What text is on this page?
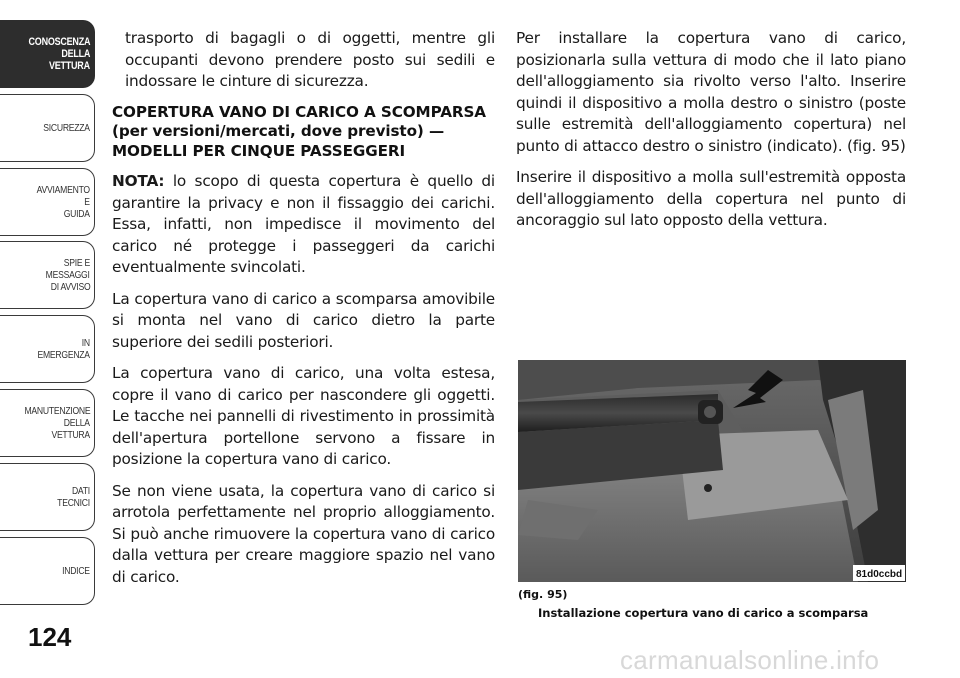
CONOSCENZA
DELLA
VETTURA
SICUREZZA
AVVIAMENTO
E
GUIDA
SPIE E
MESSAGGI
DI AVVISO
IN
EMERGENZA
MANUTENZIONE
DELLA
VETTURA
DATI
TECNICI
INDICE
124

trasporto di bagagli o di oggetti, mentre gli occupanti devono prendere posto sui sedili e indossare le cinture di sicurezza.

COPERTURA VANO DI CARICO A SCOMPARSA (per versioni/mercati, dove previsto) — MODELLI PER CINQUE PASSEGGERI

NOTA: lo scopo di questa copertura è quello di garantire la privacy e non il fissaggio dei carichi. Essa, infatti, non impedisce il movimento del carico né protegge i passeggeri da carichi eventualmente svincolati.

La copertura vano di carico a scomparsa amovibile si monta nel vano di carico dietro la parte superiore dei sedili posteriori.

La copertura vano di carico, una volta estesa, copre il vano di carico per nascondere gli oggetti. Le tacche nei pannelli di rivestimento in prossimità dell'apertura portellone servono a fissare in posizione la copertura vano di carico.

Se non viene usata, la copertura vano di carico si arrotola perfettamente nel proprio alloggiamento. Si può anche rimuovere la copertura vano di carico dalla vettura per creare maggiore spazio nel vano di carico.

Per installare la copertura vano di carico, posizionarla sulla vettura di modo che il lato piano dell'alloggiamento sia rivolto verso l'alto. Inserire quindi il dispositivo a molla destro o sinistro (poste sulle estremità dell'alloggiamento copertura) nel punto di attacco destro o sinistro (indicato). (fig. 95)

Inserire il dispositivo a molla sull'estremità opposta dell'alloggiamento della copertura nel punto di ancoraggio sul lato opposto della vettura.

81d0ccbd
(fig. 95)
Installazione copertura vano di carico a scomparsa
carmanualsonline.info
